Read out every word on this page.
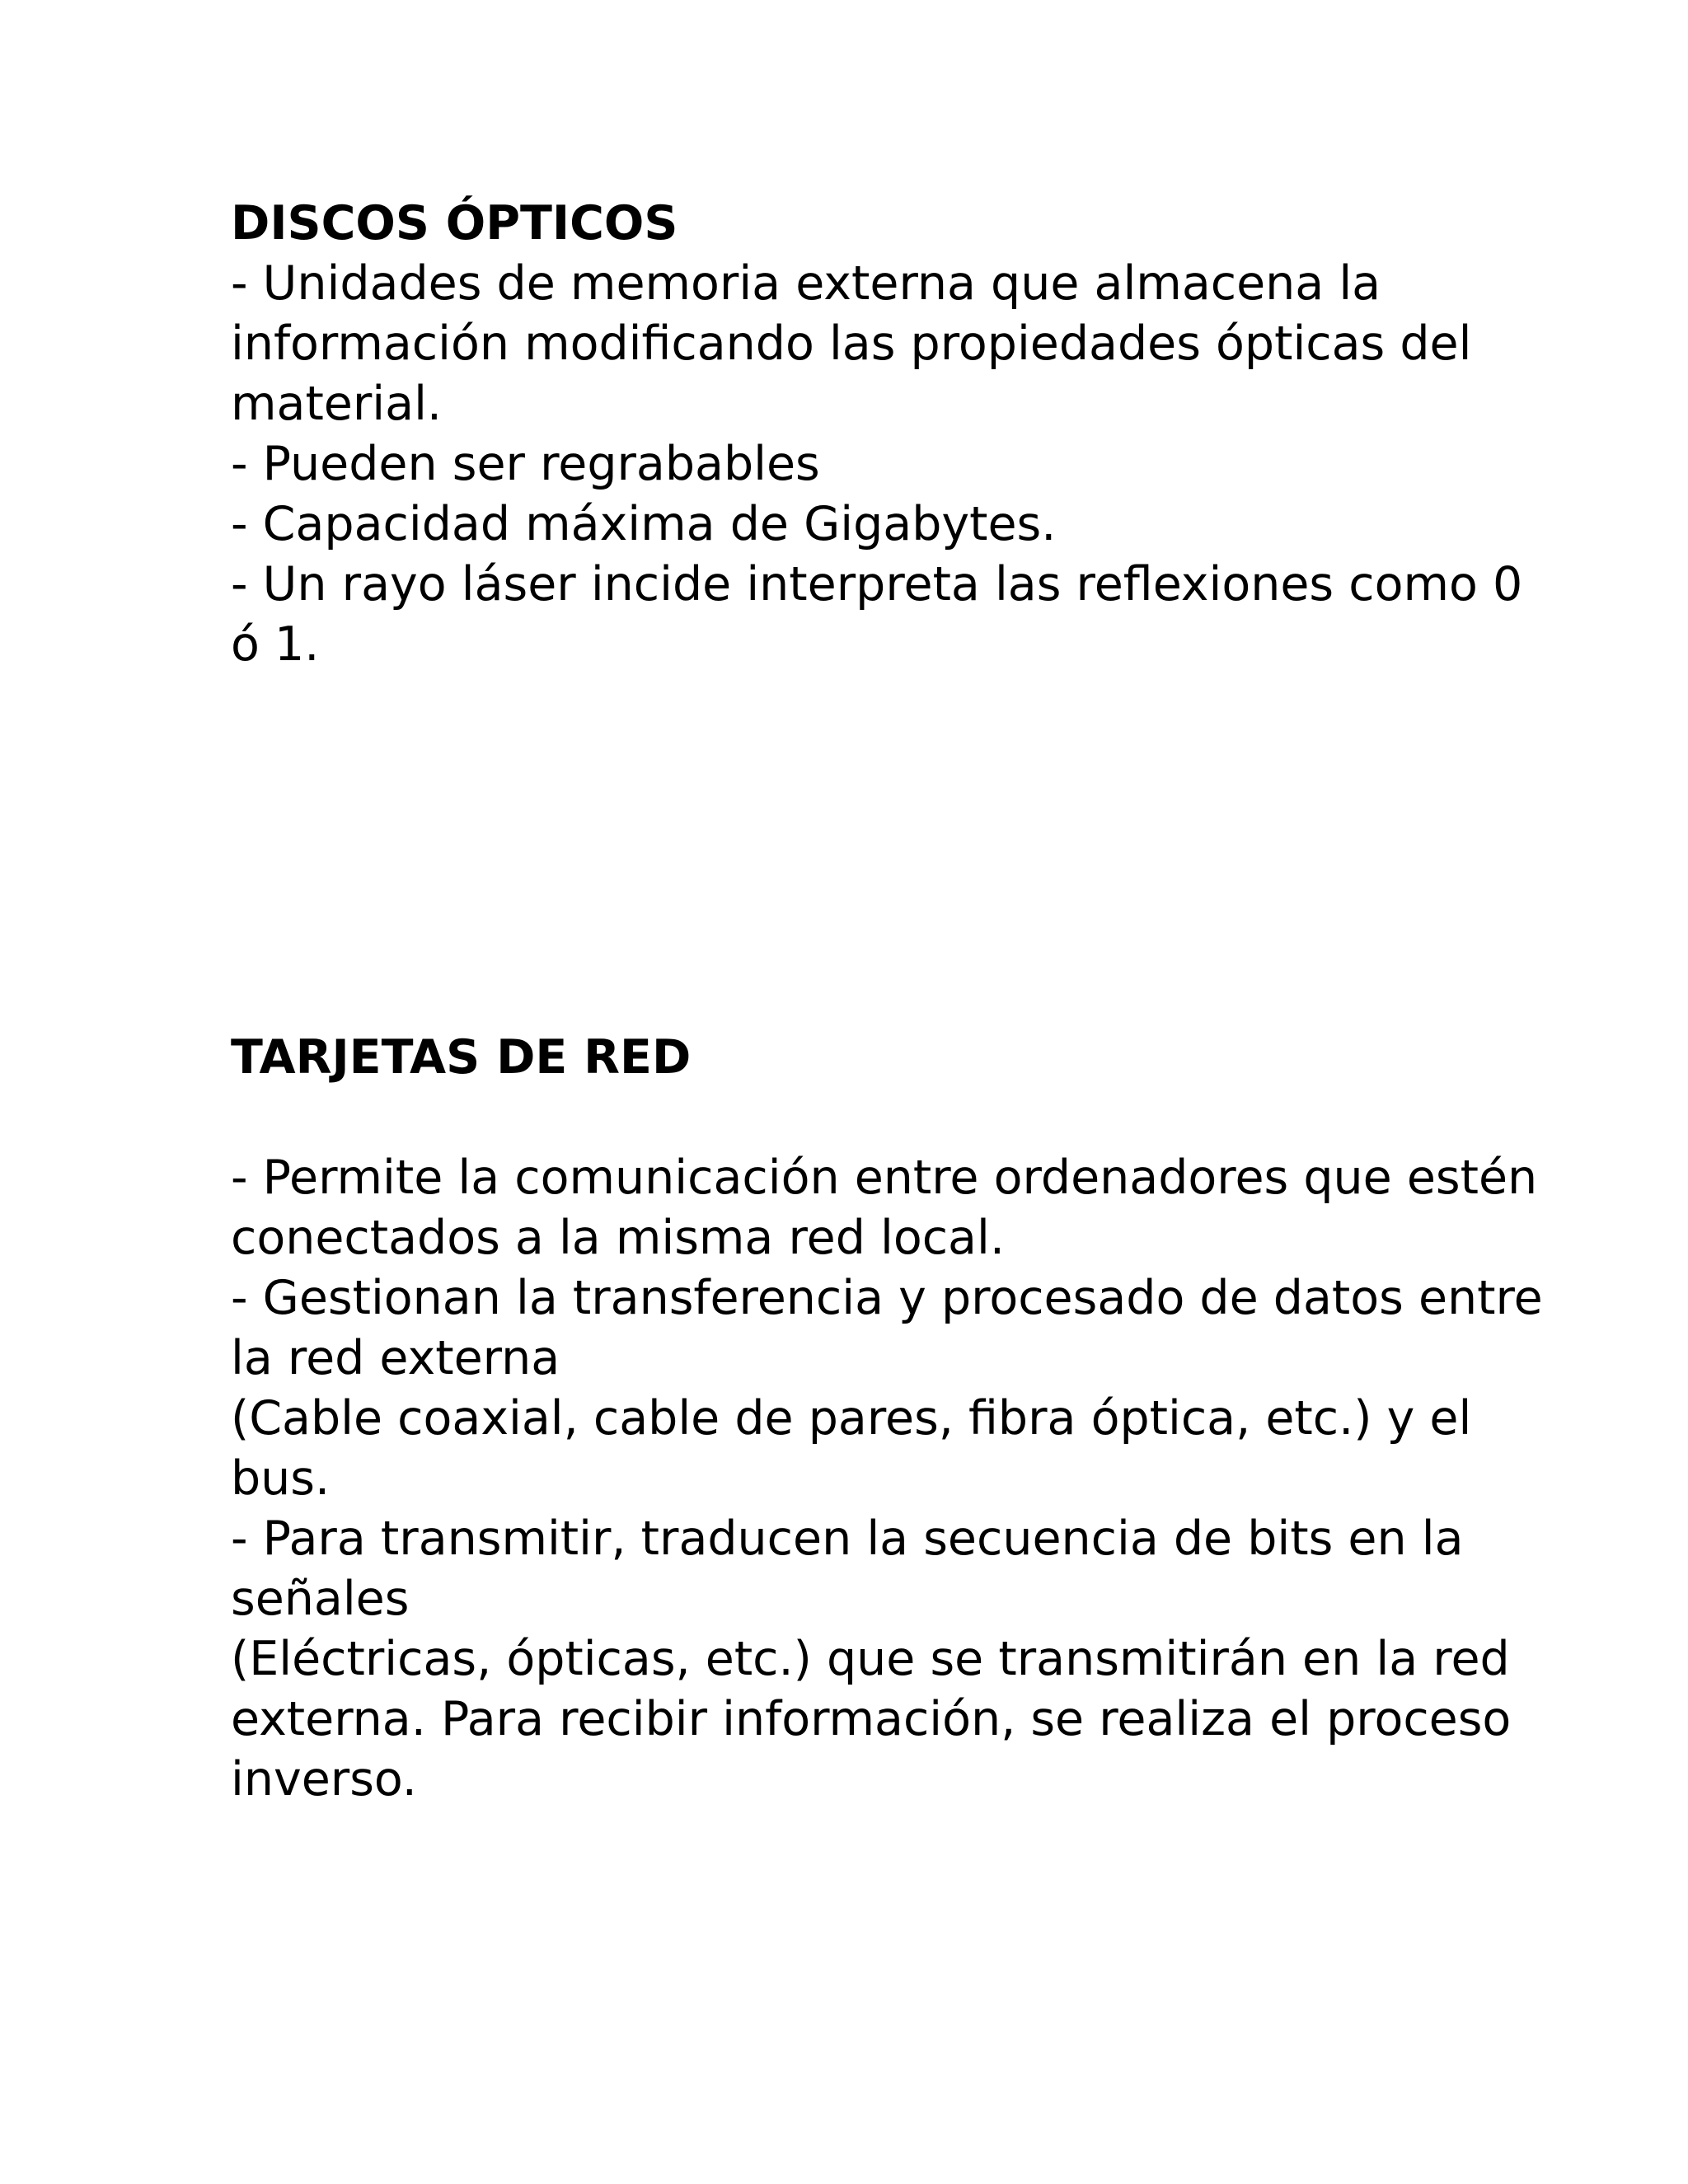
DISCOS ÓPTICOS
- Unidades de memoria externa que almacena la
información modificando las propiedades ópticas del
material.
- Pueden ser regrabables
- Capacidad máxima de Gigabytes.
- Un rayo láser incide interpreta las reflexiones como 0
ó 1.
TARJETAS DE RED
- Permite la comunicación entre ordenadores que estén
conectados a la misma red local.
- Gestionan la transferencia y procesado de datos entre
la red externa
(Cable coaxial, cable de pares, fibra óptica, etc.) y el
bus.
- Para transmitir, traducen la secuencia de bits en la
señales
(Eléctricas, ópticas, etc.) que se transmitirán en la red
externa. Para recibir información, se realiza el proceso
inverso.
